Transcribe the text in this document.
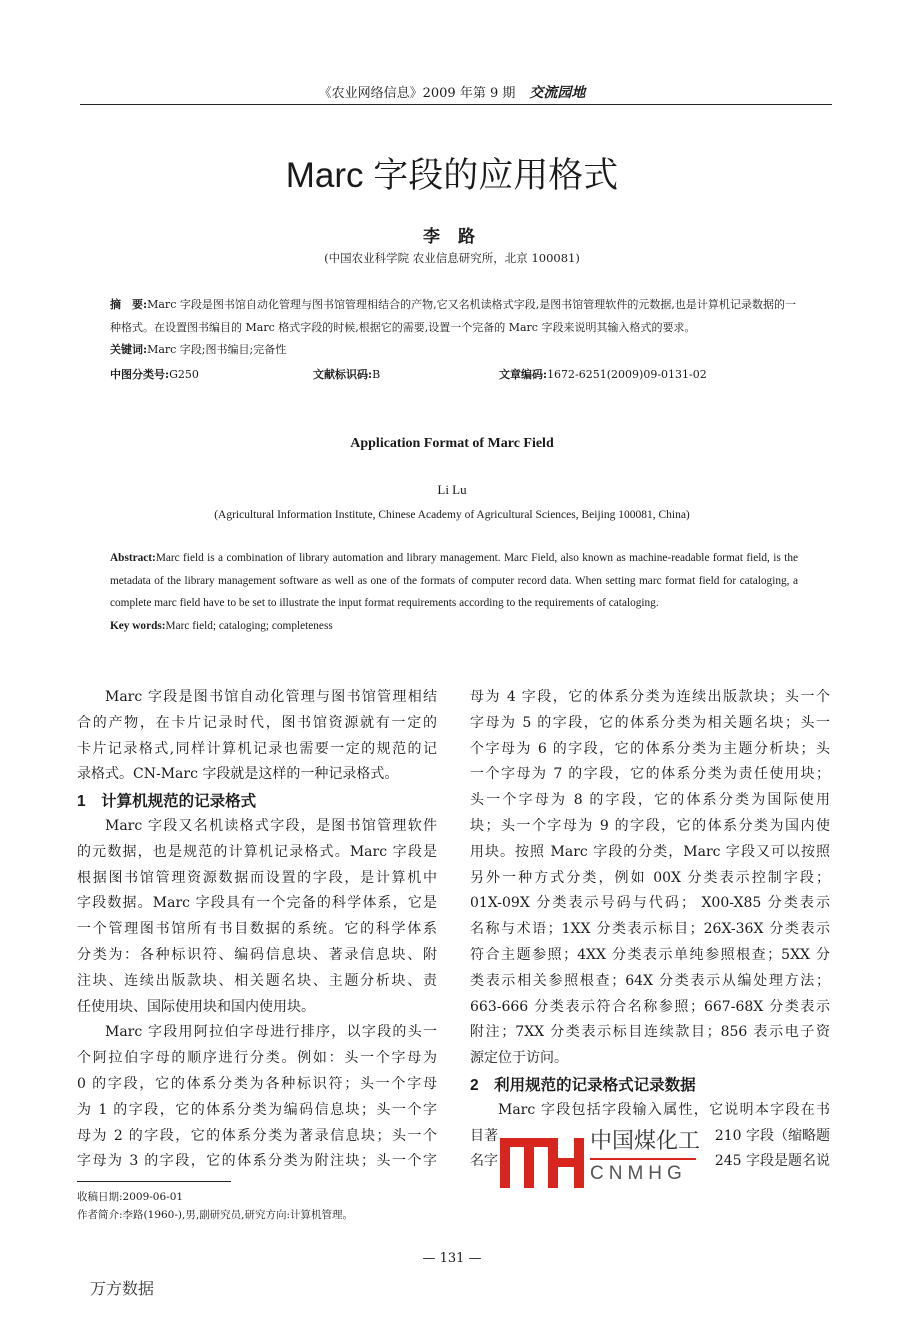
《农业网络信息》2009 年第 9 期 交流园地
Marc 字段的应用格式
李 路
(中国农业科学院 农业信息研究所，北京 100081)
摘　要:Marc 字段是图书馆自动化管理与图书馆管理相结合的产物,它又名机读格式字段,是图书馆管理软件的元数据,也是计算机记录数据的一种格式。在设置图书编目的 Marc 格式字段的时候,根据它的需要,设置一个完备的 Marc 字段来说明其输入格式的要求。
关键词:Marc 字段;图书编目;完备性
中图分类号:G250	文献标识码:B	文章编码:1672-6251(2009)09-0131-02
Application Format of Marc Field
Li Lu
(Agricultural Information Institute, Chinese Academy of Agricultural Sciences, Beijing 100081, China)
Abstract:Marc field is a combination of library automation and library management. Marc Field, also known as machine-readable format field, is the metadata of the library management software as well as one of the formats of computer record data. When setting marc format field for cataloging, a complete marc field have to be set to illustrate the input format requirements according to the requirements of cataloging.
Key words:Marc field; cataloging; completeness
Marc 字段是图书馆自动化管理与图书馆管理相结
合的产物，在卡片记录时代，图书馆资源就有一定的
卡片记录格式,同样计算机记录也需要一定的规范的记
录格式。CN-Marc 字段就是这样的一种记录格式。
1　计算机规范的记录格式
Marc 字段又名机读格式字段，是图书馆管理软件
的元数据，也是规范的计算机记录格式。Marc 字段是
根据图书馆管理资源数据而设置的字段，是计算机中
字段数据。Marc 字段具有一个完备的科学体系，它是
一个管理图书馆所有书目数据的系统。它的科学体系
分类为：各种标识符、编码信息块、著录信息块、附
注块、连续出版款块、相关题名块、主题分析块、责
任使用块、国际使用块和国内使用块。
Marc 字段用阿拉伯字母进行排序，以字段的头一
个阿拉伯字母的顺序进行分类。例如：头一个字母为
0 的字段，它的体系分类为各种标识符；头一个字母
为 1 的字段，它的体系分类为编码信息块；头一个字
母为 2 的字段，它的体系分类为著录信息块；头一个
字母为 3 的字段，它的体系分类为附注块；头一个字
母为 4 字段，它的体系分类为连续出版款块；头一个
字母为 5 的字段，它的体系分类为相关题名块；头一
个字母为 6 的字段，它的体系分类为主题分析块；头
一个字母为 7 的字段，它的体系分类为责任使用块；
头一个字母为 8 的字段，它的体系分类为国际使用
块；头一个字母为 9 的字段，它的体系分类为国内使
用块。按照 Marc 字段的分类，Marc 字段又可以按照
另外一种方式分类，例如 00X 分类表示控制字段；
01X-09X 分类表示号码与代码； X00-X85 分类表示
名称与术语；1XX 分类表示标目；26X-36X 分类表示
符合主题参照；4XX 分类表示单纯参照根查；5XX 分
类表示相关参照根查；64X 分类表示从编处理方法；
663-666 分类表示符合名称参照；667-68X 分类表示
附注；7XX 分类表示标目连续款目；856 表示电子资
源定位于访问。
2　利用规范的记录格式记录数据
Marc 字段包括字段输入属性，它说明本字段在书
目著	210 字段（缩略题
名字	245 字段是题名说
收稿日期:2009-06-01
作者简介:李路(1960-),男,副研究员,研究方向:计算机管理。
— 131 —
万方数据
中国煤化工
CNMHG
